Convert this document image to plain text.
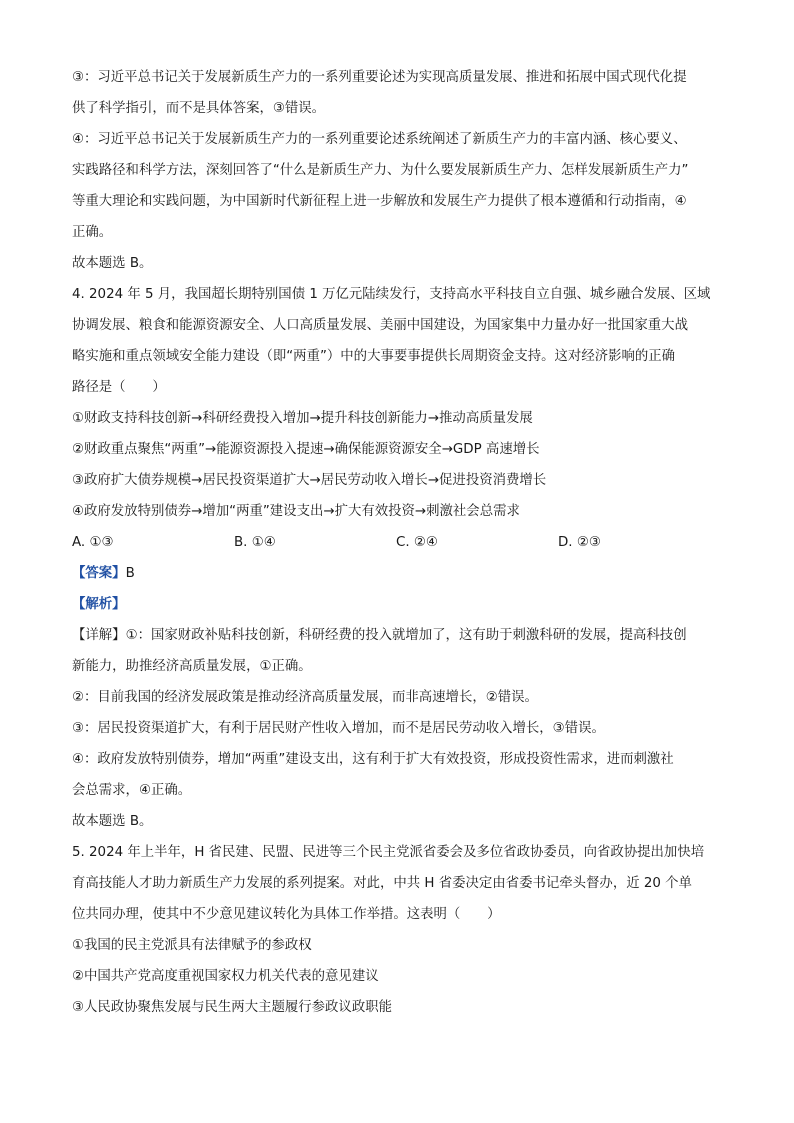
③：习近平总书记关于发展新质生产力的一系列重要论述为实现高质量发展、推进和拓展中国式现代化提

供了科学指引，而不是具体答案，③错误。

④：习近平总书记关于发展新质生产力的一系列重要论述系统阐述了新质生产力的丰富内涵、核心要义、

实践路径和科学方法，深刻回答了“什么是新质生产力、为什么要发展新质生产力、怎样发展新质生产力”

等重大理论和实践问题，为中国新时代新征程上进一步解放和发展生产力提供了根本遵循和行动指南，④

正确。

故本题选 B。

4. 2024 年 5 月，我国超长期特别国债 1 万亿元陆续发行，支持高水平科技自立自强、城乡融合发展、区域

协调发展、粮食和能源资源安全、人口高质量发展、美丽中国建设，为国家集中力量办好一批国家重大战

略实施和重点领域安全能力建设（即“两重”）中的大事要事提供长周期资金支持。这对经济影响的正确

路径是（　　）

①财政支持科技创新→科研经费投入增加→提升科技创新能力→推动高质量发展

②财政重点聚焦“两重”→能源资源投入提速→确保能源资源安全→GDP 高速增长

③政府扩大债券规模→居民投资渠道扩大→居民劳动收入增长→促进投资消费增长

④政府发放特别债券→增加“两重”建设支出→扩大有效投资→刺激社会总需求

A. ①③	B. ①④	C. ②④	D. ②③

【答案】B

【解析】

【详解】①：国家财政补贴科技创新，科研经费的投入就增加了，这有助于刺激科研的发展，提高科技创

新能力，助推经济高质量发展，①正确。

②：目前我国的经济发展政策是推动经济高质量发展，而非高速增长，②错误。

③：居民投资渠道扩大，有利于居民财产性收入增加，而不是居民劳动收入增长，③错误。

④：政府发放特别债券，增加“两重”建设支出，这有利于扩大有效投资，形成投资性需求，进而刺激社

会总需求，④正确。

故本题选 B。

5. 2024 年上半年，H 省民建、民盟、民进等三个民主党派省委会及多位省政协委员，向省政协提出加快培

育高技能人才助力新质生产力发展的系列提案。对此，中共 H 省委决定由省委书记牵头督办，近 20 个单

位共同办理，使其中不少意见建议转化为具体工作举措。这表明（　　）

①我国的民主党派具有法律赋予的参政权

②中国共产党高度重视国家权力机关代表的意见建议

③人民政协聚焦发展与民生两大主题履行参政议政职能
